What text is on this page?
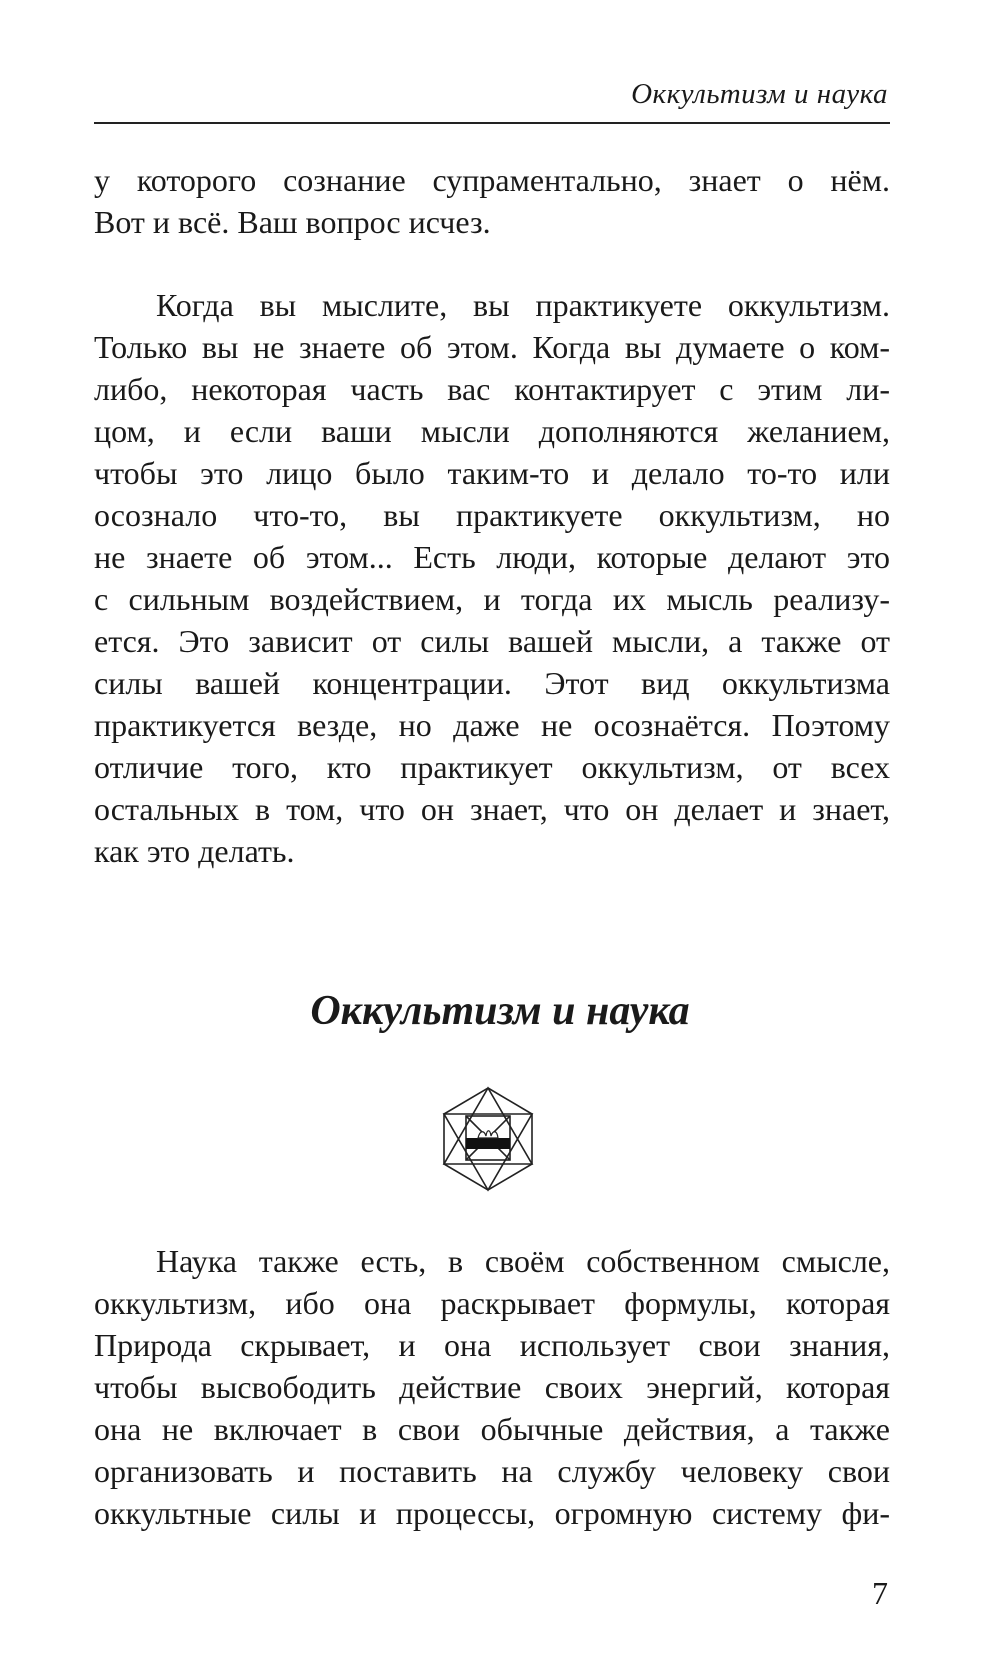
Оккультизм и наука
у которого сознание супраментально, знает о нём.
Вот и всё. Ваш вопрос исчез.
Когда вы мыслите, вы практикуете оккультизм.
Только вы не знаете об этом. Когда вы думаете о ком-
либо, некоторая часть вас контактирует с этим ли-
цом, и если ваши мысли дополняются желанием,
чтобы это лицо было таким-то и делало то-то или
осознало что-то, вы практикуете оккультизм, но
не знаете об этом... Есть люди, которые делают это
с сильным воздействием, и тогда их мысль реализу-
ется. Это зависит от силы вашей мысли, а также от
силы вашей концентрации. Этот вид оккультизма
практикуется везде, но даже не осознаётся. Поэтому
отличие того, кто практикует оккультизм, от всех
остальных в том, что он знает, что он делает и знает,
как это делать.
Оккультизм и наука
Наука также есть, в своём собственном смысле,
оккультизм, ибо она раскрывает формулы, которая
Природа скрывает, и она использует свои знания,
чтобы высвободить действие своих энергий, которая
она не включает в свои обычные действия, а также
организовать и поставить на службу человеку свои
оккультные силы и процессы, огромную систему фи-
7
